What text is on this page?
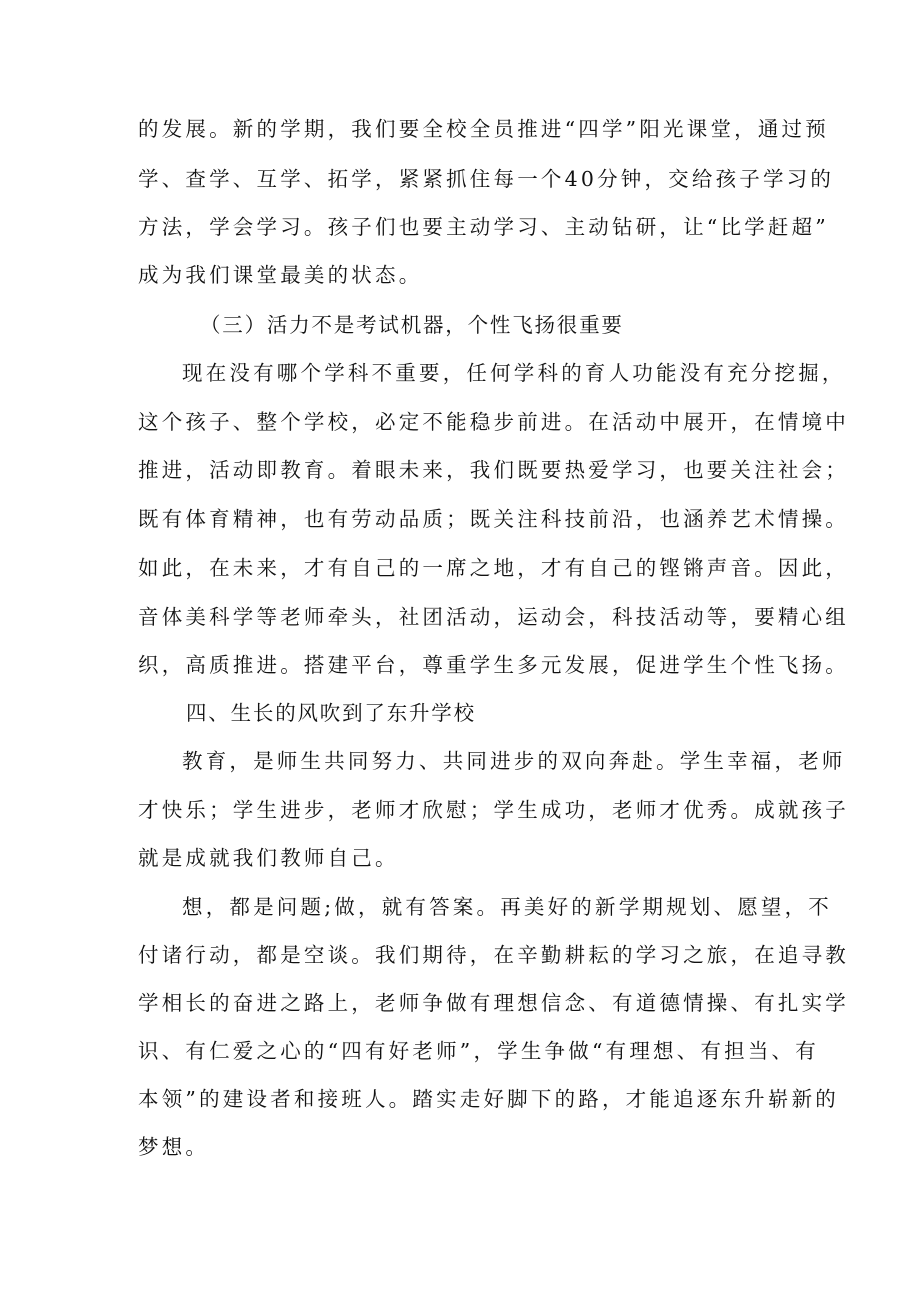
的发展。新的学期，我们要全校全员推进“四学”阳光课堂，通过预
学、查学、互学、拓学，紧紧抓住每一个40分钟，交给孩子学习的
方法，学会学习。孩子们也要主动学习、主动钻研，让“比学赶超”
成为我们课堂最美的状态。
（三）活力不是考试机器，个性飞扬很重要
现在没有哪个学科不重要，任何学科的育人功能没有充分挖掘，
这个孩子、整个学校，必定不能稳步前进。在活动中展开，在情境中
推进，活动即教育。着眼未来，我们既要热爱学习，也要关注社会；
既有体育精神，也有劳动品质；既关注科技前沿，也涵养艺术情操。
如此，在未来，才有自己的一席之地，才有自己的铿锵声音。因此，
音体美科学等老师牵头，社团活动，运动会，科技活动等，要精心组
织，高质推进。搭建平台，尊重学生多元发展，促进学生个性飞扬。
四、生长的风吹到了东升学校
教育，是师生共同努力、共同进步的双向奔赴。学生幸福，老师
才快乐；学生进步，老师才欣慰；学生成功，老师才优秀。成就孩子
就是成就我们教师自己。
想，都是问题;做，就有答案。再美好的新学期规划、愿望，不
付诸行动，都是空谈。我们期待，在辛勤耕耘的学习之旅，在追寻教
学相长的奋进之路上，老师争做有理想信念、有道德情操、有扎实学
识、有仁爱之心的“四有好老师”，学生争做“有理想、有担当、有
本领”的建设者和接班人。踏实走好脚下的路，才能追逐东升崭新的
梦想。
